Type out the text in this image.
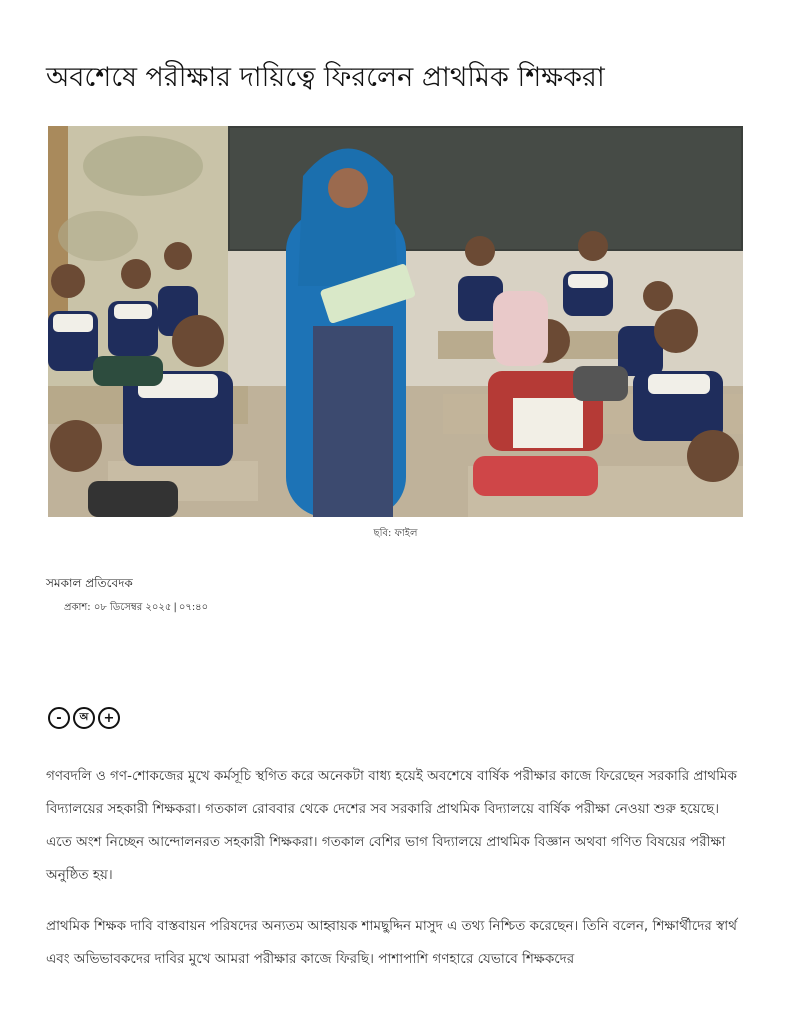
অবশেষে পরীক্ষার দায়িত্বে ফিরলেন প্রাথমিক শিক্ষকরা
ছবি: ফাইল
সমকাল প্রতিবেদক
প্রকাশ: ০৮ ডিসেম্বর ২০২৫ | ০৭:৪০
-	অ	+

গণবদলি ও গণ-শোকজের মুখে কর্মসূচি স্থগিত করে অনেকটা বাধ্য হয়েই অবশেষে বার্ষিক পরীক্ষার কাজে ফিরেছেন সরকারি প্রাথমিক বিদ্যালয়ের সহকারী শিক্ষকরা। গতকাল রোববার থেকে দেশের সব সরকারি প্রাথমিক বিদ্যালয়ে বার্ষিক পরীক্ষা নেওয়া শুরু হয়েছে। এতে অংশ নিচ্ছেন আন্দোলনরত সহকারী শিক্ষকরা। গতকাল বেশির ভাগ বিদ্যালয়ে প্রাথমিক বিজ্ঞান অথবা গণিত বিষয়ের পরীক্ষা অনুষ্ঠিত হয়।

প্রাথমিক শিক্ষক দাবি বাস্তবায়ন পরিষদের অন্যতম আহ্বায়ক শামছুদ্দিন মাসুদ এ তথ্য নিশ্চিত করেছেন। তিনি বলেন, শিক্ষার্থীদের স্বার্থ এবং অভিভাবকদের দাবির মুখে আমরা পরীক্ষার কাজে ফিরছি। পাশাপাশি গণহারে যেভাবে শিক্ষকদের
